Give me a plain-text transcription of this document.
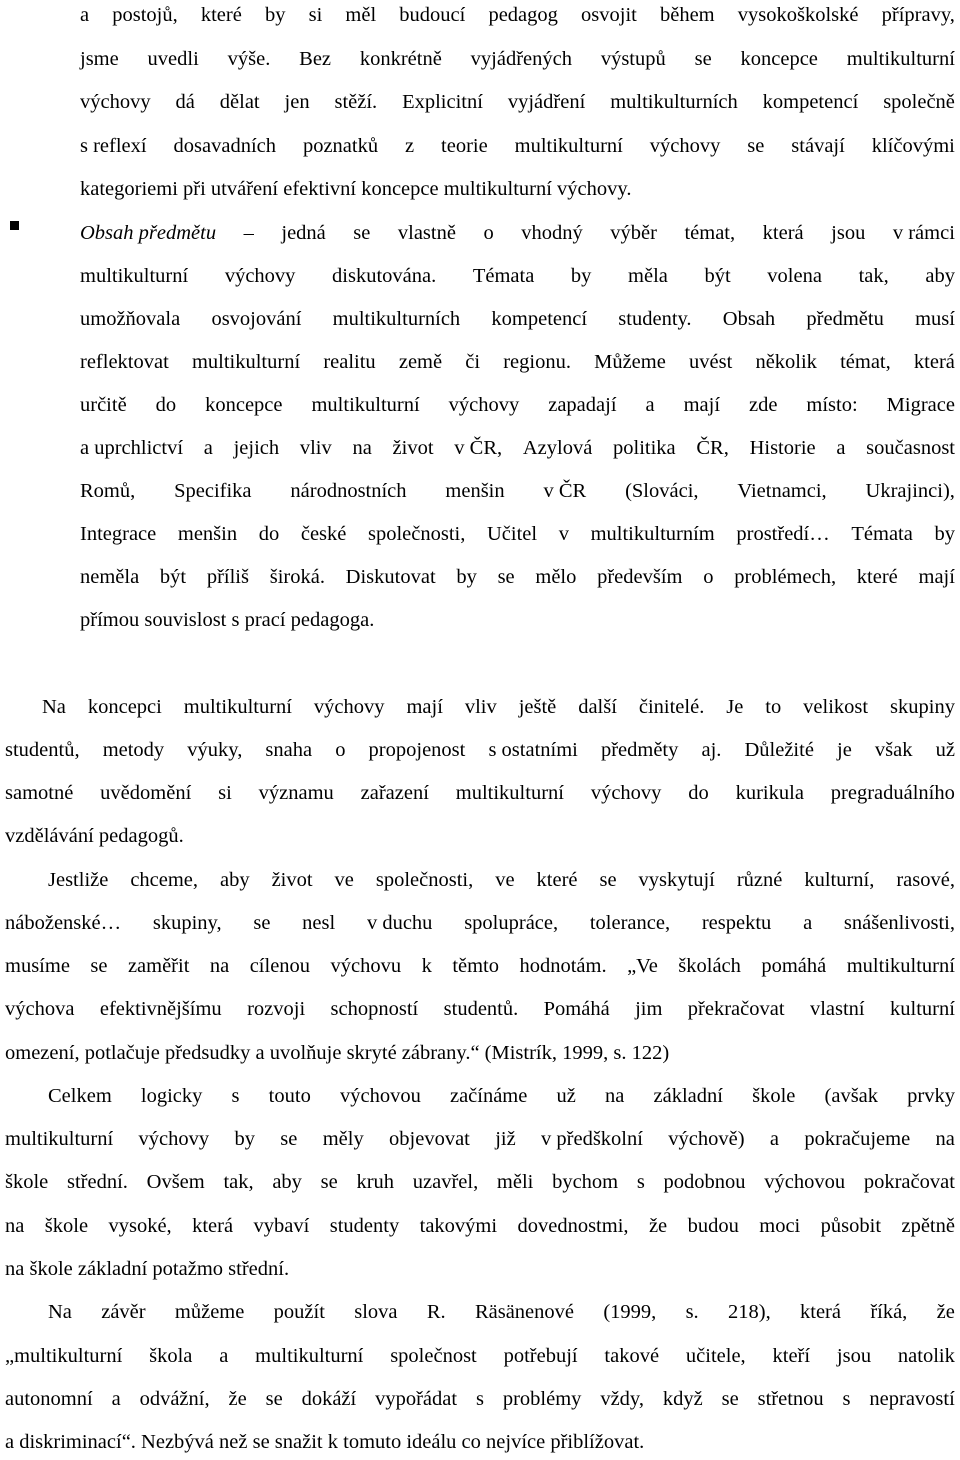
a postojů, které by si měl budoucí pedagog osvojit během vysokoškolské přípravy,
jsme uvedli výše. Bez konkrétně vyjádřených výstupů se koncepce multikulturní
výchovy dá dělat jen stěží. Explicitní vyjádření multikulturních kompetencí společně
s reflexí dosavadních poznatků z teorie multikulturní výchovy se stávají klíčovými
kategoriemi při utváření efektivní koncepce multikulturní výchovy.
Obsah předmětu – jedná se vlastně o vhodný výběr témat, která jsou v rámci
multikulturní výchovy diskutována. Témata by měla být volena tak, aby
umožňovala osvojování multikulturních kompetencí studenty. Obsah předmětu musí
reflektovat multikulturní realitu země či regionu. Můžeme uvést několik témat, která
určitě do koncepce multikulturní výchovy zapadají a mají zde místo: Migrace
a uprchlictví a jejich vliv na život v ČR, Azylová politika ČR, Historie a současnost
Romů, Specifika národnostních menšin v ČR (Slováci, Vietnamci, Ukrajinci),
Integrace menšin do české společnosti, Učitel v multikulturním prostředí… Témata by
neměla být příliš široká. Diskutovat by se mělo především o problémech, které mají
přímou souvislost s prací pedagoga.
Na koncepci multikulturní výchovy mají vliv ještě další činitelé. Je to velikost skupiny
studentů, metody výuky, snaha o propojenost s ostatními předměty aj. Důležité je však už
samotné uvědomění si významu zařazení multikulturní výchovy do kurikula pregraduálního
vzdělávání pedagogů.
Jestliže chceme, aby život ve společnosti, ve které se vyskytují různé kulturní, rasové,
náboženské… skupiny, se nesl v duchu spolupráce, tolerance, respektu a snášenlivosti,
musíme se zaměřit na cílenou výchovu k těmto hodnotám. „Ve školách pomáhá multikulturní
výchova efektivnějšímu rozvoji schopností studentů. Pomáhá jim překračovat vlastní kulturní
omezení, potlačuje předsudky a uvolňuje skryté zábrany.“ (Mistrík, 1999, s. 122)
Celkem logicky s touto výchovou začínáme už na základní škole (avšak prvky
multikulturní výchovy by se měly objevovat již v předškolní výchově) a pokračujeme na
škole střední. Ovšem tak, aby se kruh uzavřel, měli bychom s podobnou výchovou pokračovat
na škole vysoké, která vybaví studenty takovými dovednostmi, že budou moci působit zpětně
na škole základní potažmo střední.
Na závěr můžeme použít slova R. Räsänenové (1999, s. 218), která říká, že
„multikulturní škola a multikulturní společnost potřebují takové učitele, kteří jsou natolik
autonomní a odvážní, že se dokáží vypořádat s problémy vždy, když se střetnou s nepravostí
a diskriminací“. Nezbývá než se snažit k tomuto ideálu co nejvíce přiblížovat.
